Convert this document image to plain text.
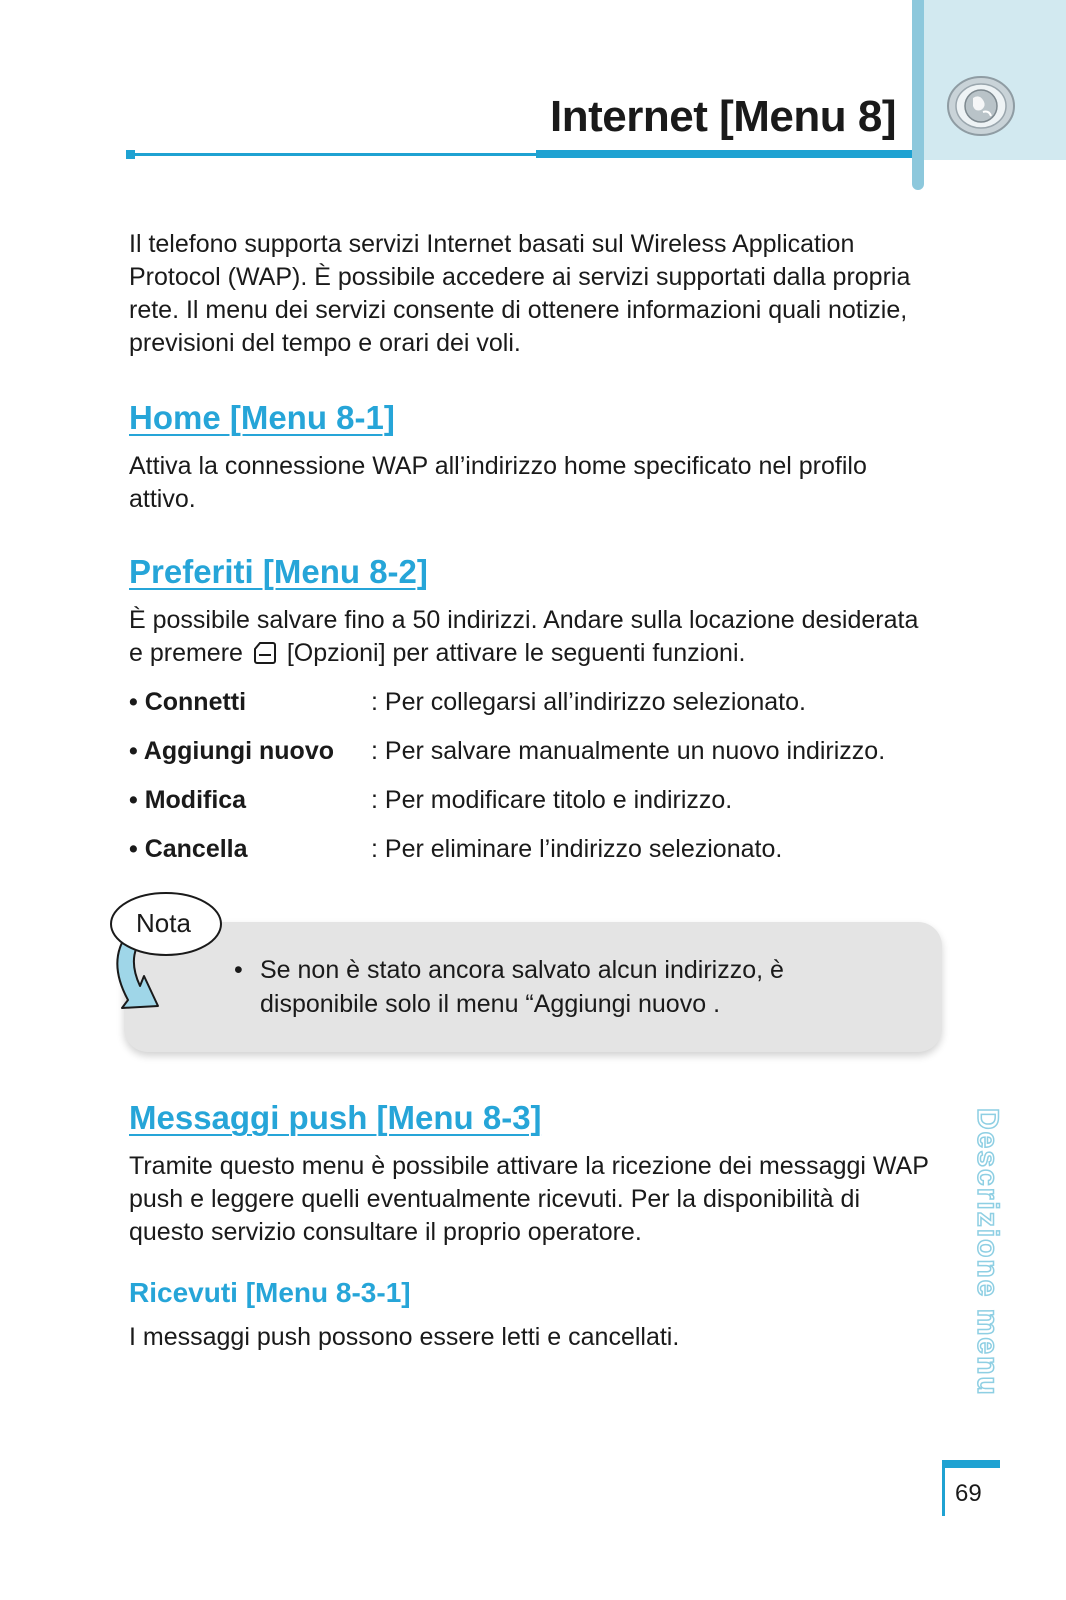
Internet [Menu 8]

Il telefono supporta servizi Internet basati sul Wireless Application Protocol (WAP). È possibile accedere ai servizi supportati dalla propria rete. Il menu dei servizi consente di ottenere informazioni quali notizie, previsioni del tempo e orari dei voli.

Home [Menu 8-1]

Attiva la connessione WAP all’indirizzo home specificato nel profilo attivo.

Preferiti [Menu 8-2]

È possibile salvare fino a 50 indirizzi. Andare sulla locazione desiderata e premere [Opzioni] per attivare le seguenti funzioni.

• Connetti	: Per collegarsi all’indirizzo selezionato.
• Aggiungi nuovo	: Per salvare manualmente un nuovo indirizzo.
• Modifica	: Per modificare titolo e indirizzo.
• Cancella	: Per eliminare l’indirizzo selezionato.
Nota
• Se non è stato ancora salvato alcun indirizzo, è
disponibile solo il menu “Aggiungi nuovo .
Messaggi push [Menu 8-3]

Tramite questo menu è possibile attivare la ricezione dei messaggi WAP push e leggere quelli eventualmente ricevuti. Per la disponibilità di questo servizio consultare il proprio operatore.

Ricevuti [Menu 8-3-1]

I messaggi push possono essere letti e cancellati.	Descrizione menu
69
